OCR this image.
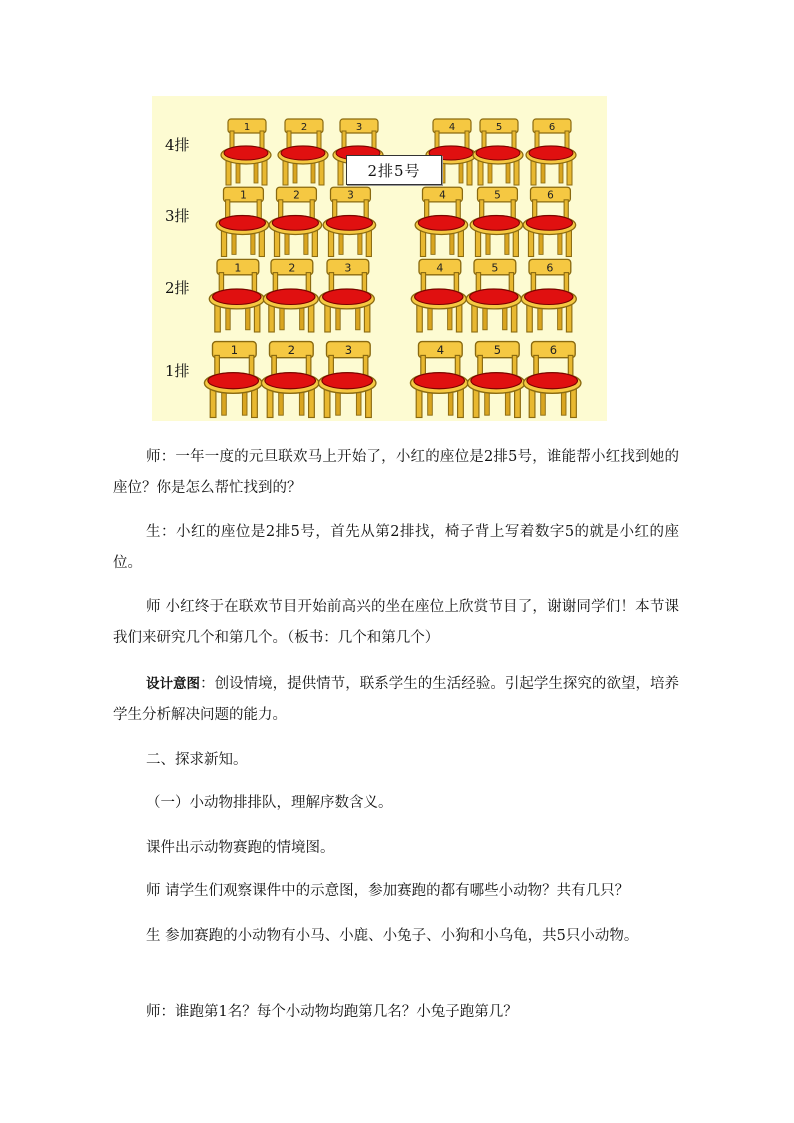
4排
3排
2排
1排
1	2	3	4	5	6
1	2	3	4	5	6
1	2	3	4	5	6
1	2	3	4	5	6
2排5号

师：一年一度的元旦联欢马上开始了，小红的座位是2排5号，谁能帮小红找到她的座位？你是怎么帮忙找到的？

生：小红的座位是2排5号，首先从第2排找，椅子背上写着数字5的就是小红的座位。

师 小红终于在联欢节目开始前高兴的坐在座位上欣赏节目了，谢谢同学们！本节课我们来研究几个和第几个。（板书：几个和第几个）

设计意图：创设情境，提供情节，联系学生的生活经验。引起学生探究的欲望，培养学生分析解决问题的能力。

二、探求新知。

（一）小动物排排队，理解序数含义。

课件出示动物赛跑的情境图。

师 请学生们观察课件中的示意图，参加赛跑的都有哪些小动物？共有几只？

生 参加赛跑的小动物有小马、小鹿、小兔子、小狗和小乌龟，共5只小动物。

师：谁跑第1名？每个小动物均跑第几名？小兔子跑第几？
